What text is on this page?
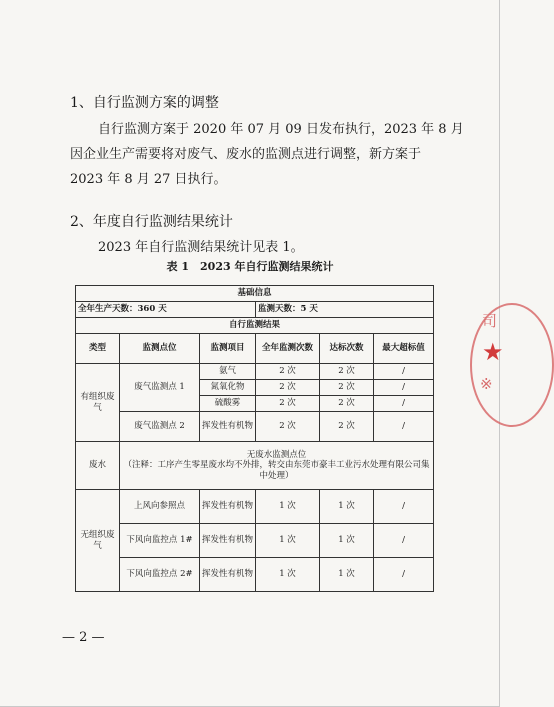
1、自行监测方案的调整
自行监测方案于 2020 年 07 月 09 日发布执行，2023 年 8 月
因企业生产需要将对废气、废水的监测点进行调整，新方案于
2023 年 8 月 27 日执行。
2、年度自行监测结果统计
2023 年自行监测结果统计见表 1。
表 1　2023 年自行监测结果统计
基础信息					
全年生产天数：360 天			监测天数：5 天		
自行监测结果					
类型	监测点位	监测项目	全年监测次数	达标次数	最大超标值
有组织废气	废气监测点 1	氨气	2 次	2 次	/
		氮氧化物	2 次	2 次	/
		硫酸雾	2 次	2 次	/
	废气监测点 2	挥发性有机物	2 次	2 次	/
废水	无废水监测点位
（注释：工序产生零星废水均不外排，转交由东莞市豪丰工业污水处理有限公司集中处理）				

无组织废气	上风向参照点	挥发性有机物	1 次	1 次	/
	下风向监控点 1#	挥发性有机物	1 次	1 次	/
	下风向监控点 2#	挥发性有机物	1 次	1 次	/
— 2 —
司
★
※
